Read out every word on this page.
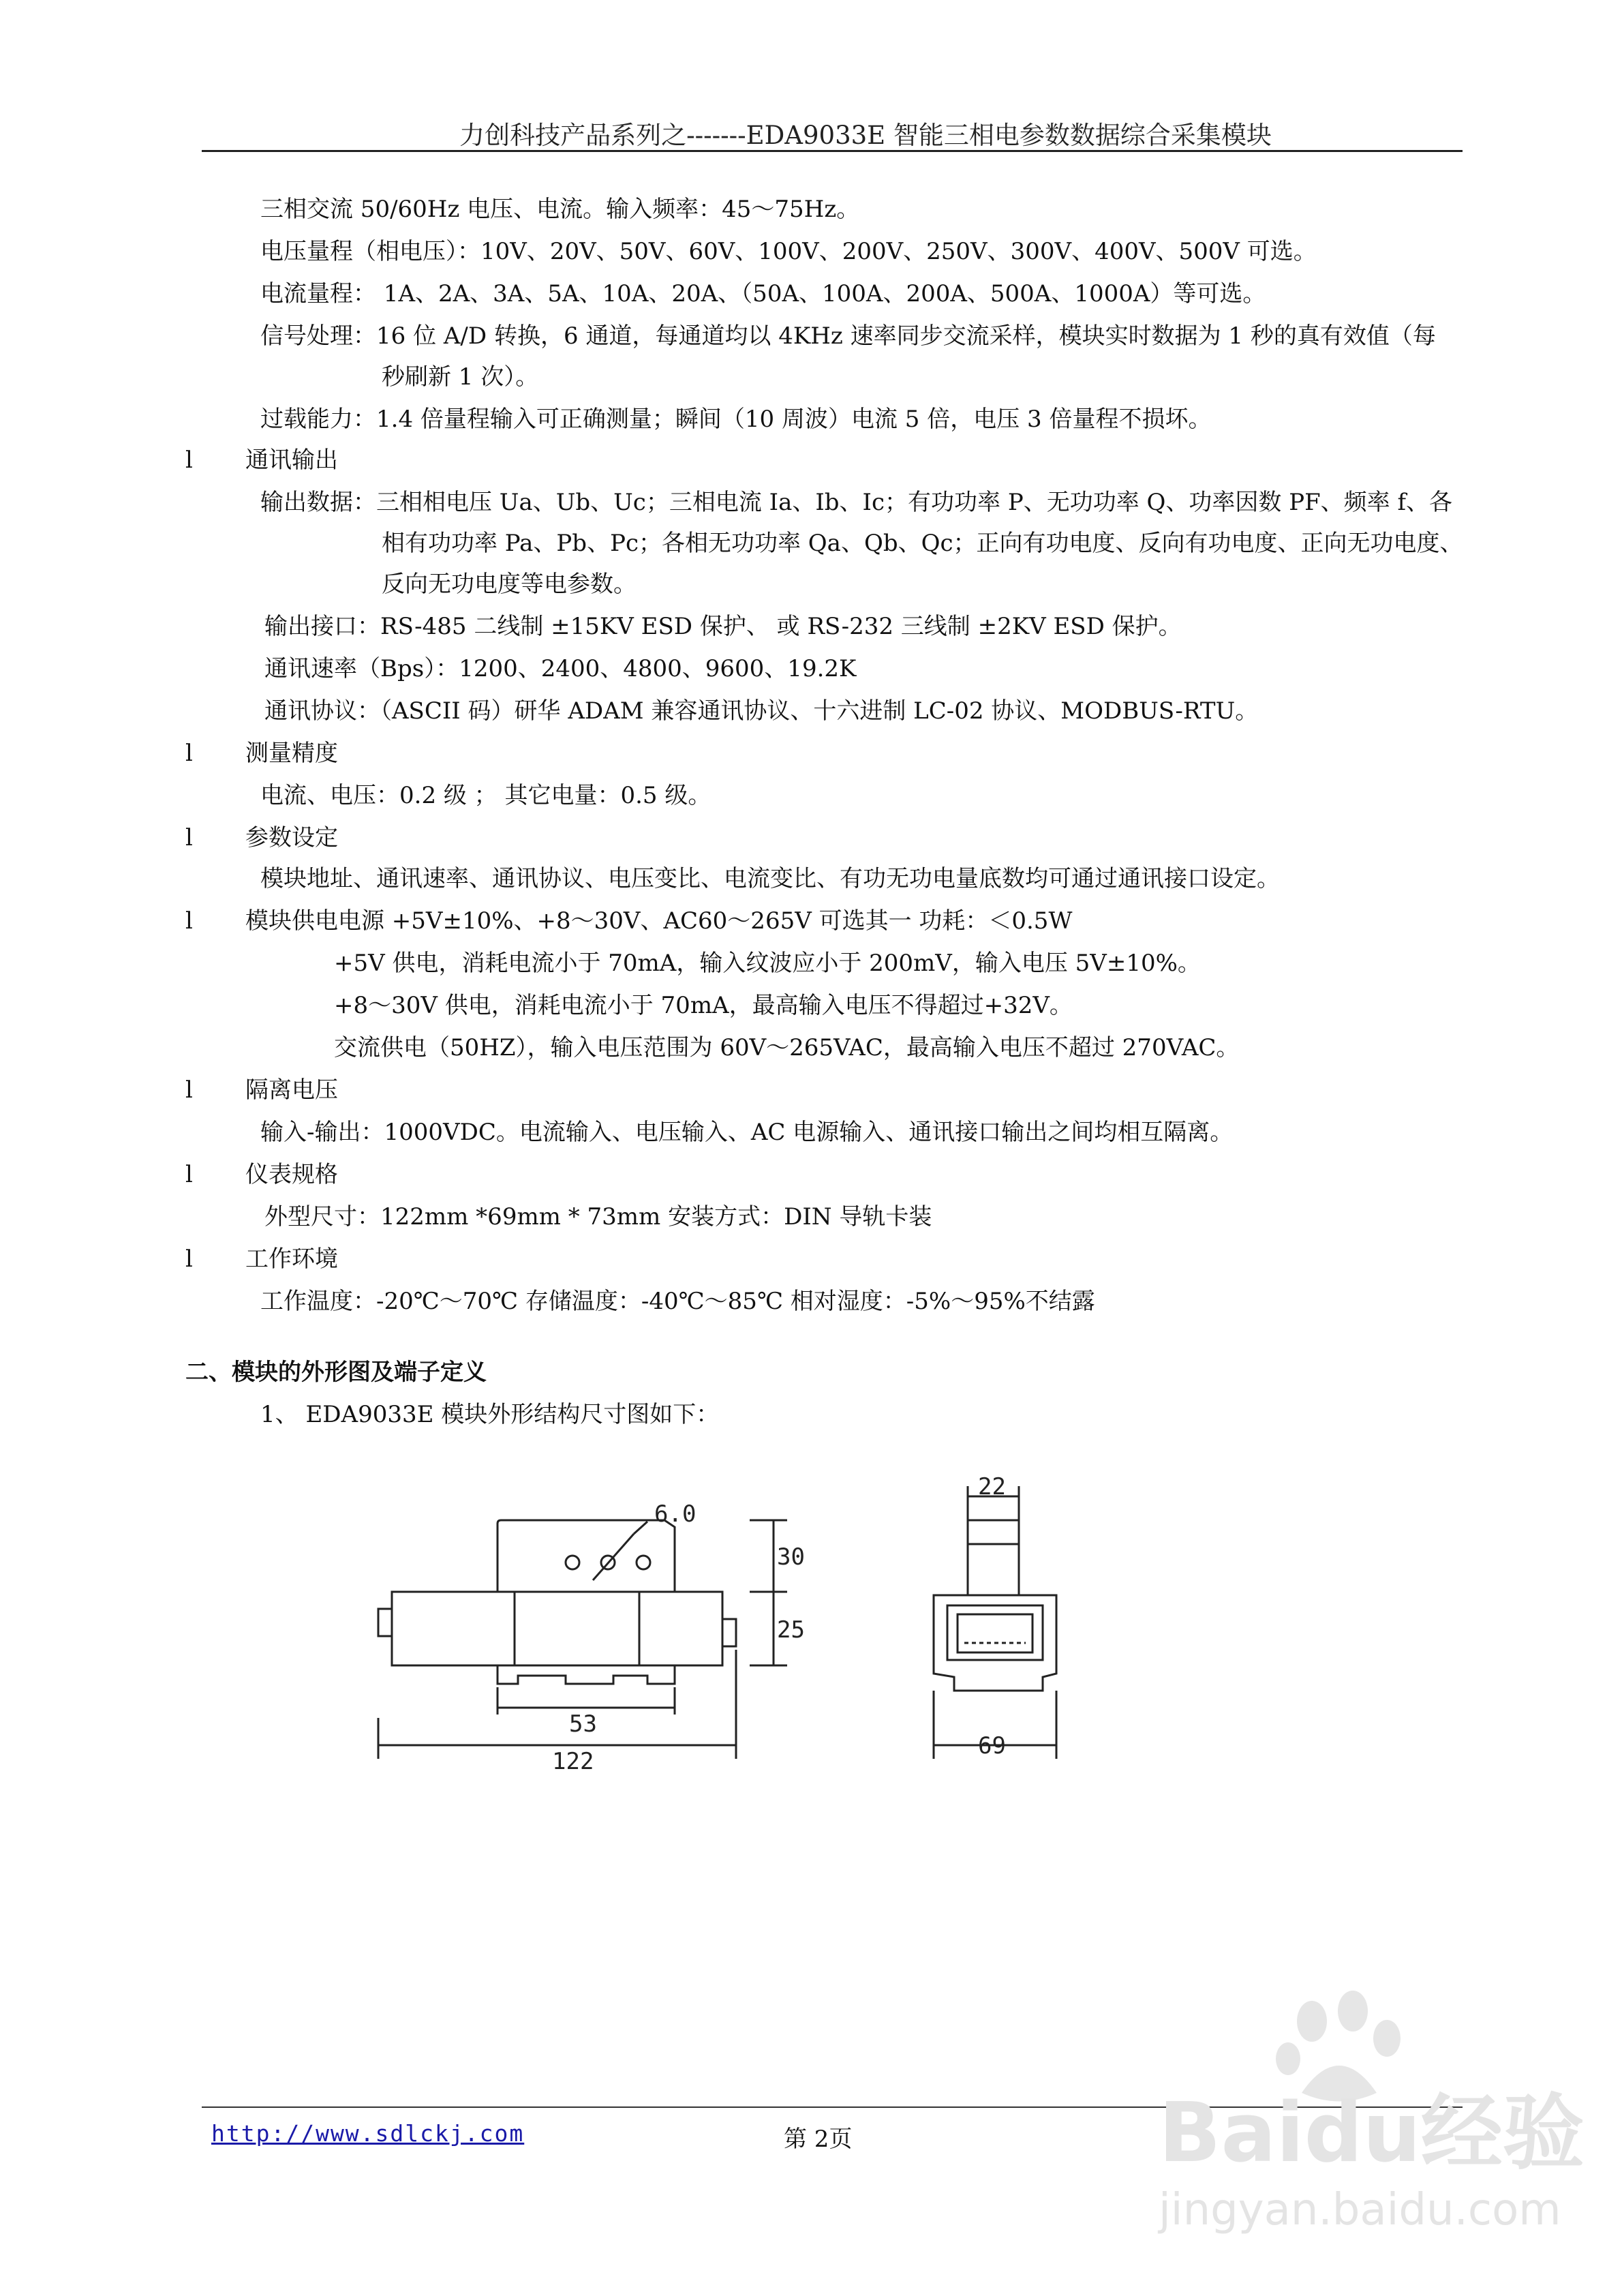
力创科技产品系列之-------EDA9033E 智能三相电参数数据综合采集模块
三相交流 50/60Hz 电压、电流。输入频率：45～75Hz。
电压量程（相电压）：10V、20V、50V、60V、100V、200V、250V、300V、400V、500V 可选。
电流量程： 1A、2A、3A、5A、10A、20A、（50A、100A、200A、500A、1000A）等可选。
信号处理：16 位 A/D 转换，6 通道，每通道均以 4KHz 速率同步交流采样，模块实时数据为 1 秒的真有效值（每
秒刷新 1 次）。
过载能力：1.4 倍量程输入可正确测量；瞬间（10 周波）电流 5 倍，电压 3 倍量程不损坏。
l 通讯输出
输出数据：三相相电压 Ua、Ub、Uc；三相电流 Ia、Ib、Ic；有功功率 P、无功功率 Q、功率因数 PF、频率 f、各
相有功功率 Pa、Pb、Pc；各相无功功率 Qa、Qb、Qc；正向有功电度、反向有功电度、正向无功电度、
反向无功电度等电参数。
输出接口：RS-485 二线制 ±15KV ESD 保护、 或 RS-232 三线制 ±2KV ESD 保护。
通讯速率（Bps）：1200、2400、4800、9600、19.2K
通讯协议：（ASCII 码）研华 ADAM 兼容通讯协议、十六进制 LC-02 协议、MODBUS-RTU。
l 测量精度
电流、电压：0.2 级 ； 其它电量：0.5 级。
l 参数设定
模块地址、通讯速率、通讯协议、电压变比、电流变比、有功无功电量底数均可通过通讯接口设定。
l 模块供电电源 +5V±10%、+8～30V、AC60～265V 可选其一 功耗：＜0.5W
+5V 供电，消耗电流小于 70mA，输入纹波应小于 200mV，输入电压 5V±10%。
+8～30V 供电，消耗电流小于 70mA，最高输入电压不得超过+32V。
交流供电（50HZ），输入电压范围为 60V～265VAC，最高输入电压不超过 270VAC。
l 隔离电压
输入-输出：1000VDC。电流输入、电压输入、AC 电源输入、通讯接口输出之间均相互隔离。
l 仪表规格
外型尺寸：122mm *69mm * 73mm 安装方式：DIN 导轨卡装
l 工作环境
工作温度：-20℃～70℃ 存储温度：-40℃～85℃ 相对湿度：-5%～95%不结露
二、模块的外形图及端子定义
1、 EDA9033E 模块外形结构尺寸图如下：
6.0
30
25
53
122
22
69
http://www.sdlckj.com	第 2页	Baidu经验
jingyan.baidu.com
